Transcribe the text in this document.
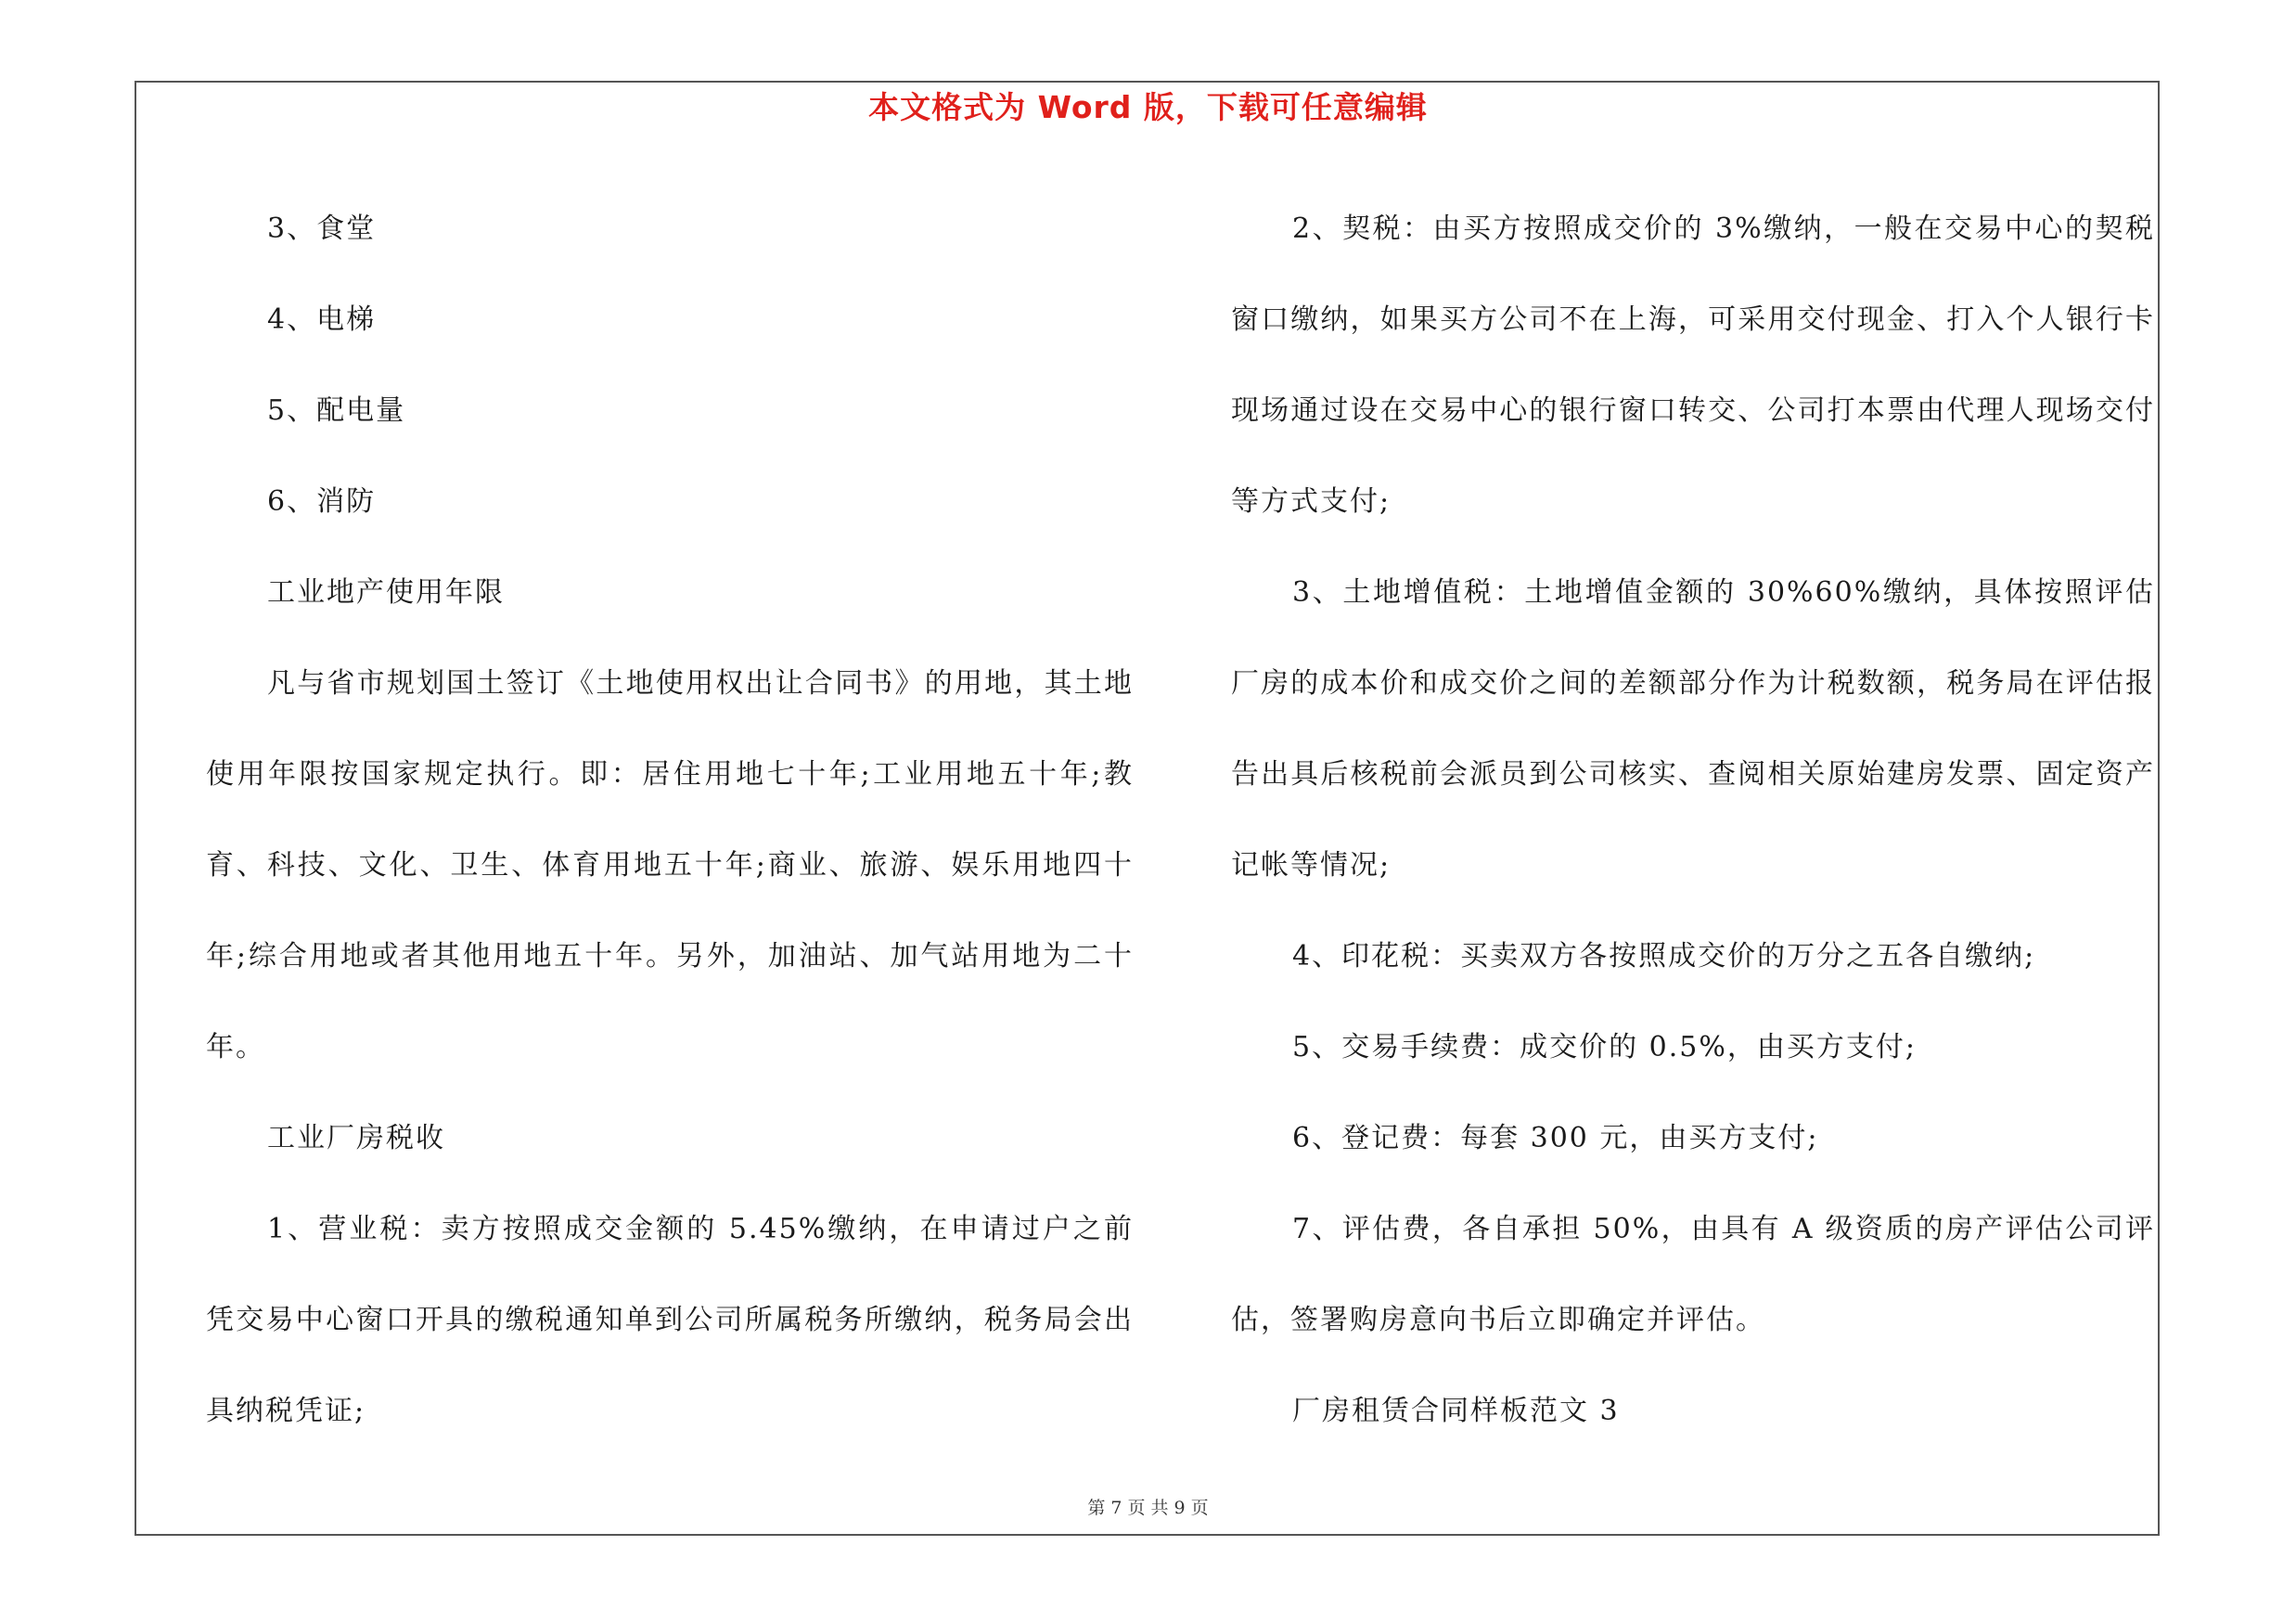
本文格式为 Word 版，下载可任意编辑

3、食堂

4、电梯

5、配电量

6、消防

工业地产使用年限

凡与省市规划国土签订《土地使用权出让合同书》的用地，其土地使用年限按国家规定执行。即：居住用地七十年;工业用地五十年;教育、科技、文化、卫生、体育用地五十年;商业、旅游、娱乐用地四十年;综合用地或者其他用地五十年。另外，加油站、加气站用地为二十年。

工业厂房税收

1、营业税：卖方按照成交金额的 5.45%缴纳，在申请过户之前凭交易中心窗口开具的缴税通知单到公司所属税务所缴纳，税务局会出具纳税凭证;

2、契税：由买方按照成交价的 3%缴纳，一般在交易中心的契税窗口缴纳，如果买方公司不在上海，可采用交付现金、打入个人银行卡现场通过设在交易中心的银行窗口转交、公司打本票由代理人现场交付等方式支付;

3、土地增值税：土地增值金额的 30%60%缴纳，具体按照评估厂房的成本价和成交价之间的差额部分作为计税数额，税务局在评估报告出具后核税前会派员到公司核实、查阅相关原始建房发票、固定资产记帐等情况;

4、印花税：买卖双方各按照成交价的万分之五各自缴纳;

5、交易手续费：成交价的 0.5%，由买方支付;

6、登记费：每套 300 元，由买方支付;

7、评估费，各自承担 50%，由具有 A 级资质的房产评估公司评估，签署购房意向书后立即确定并评估。

厂房租赁合同样板范文 3

第 7 页 共 9 页
